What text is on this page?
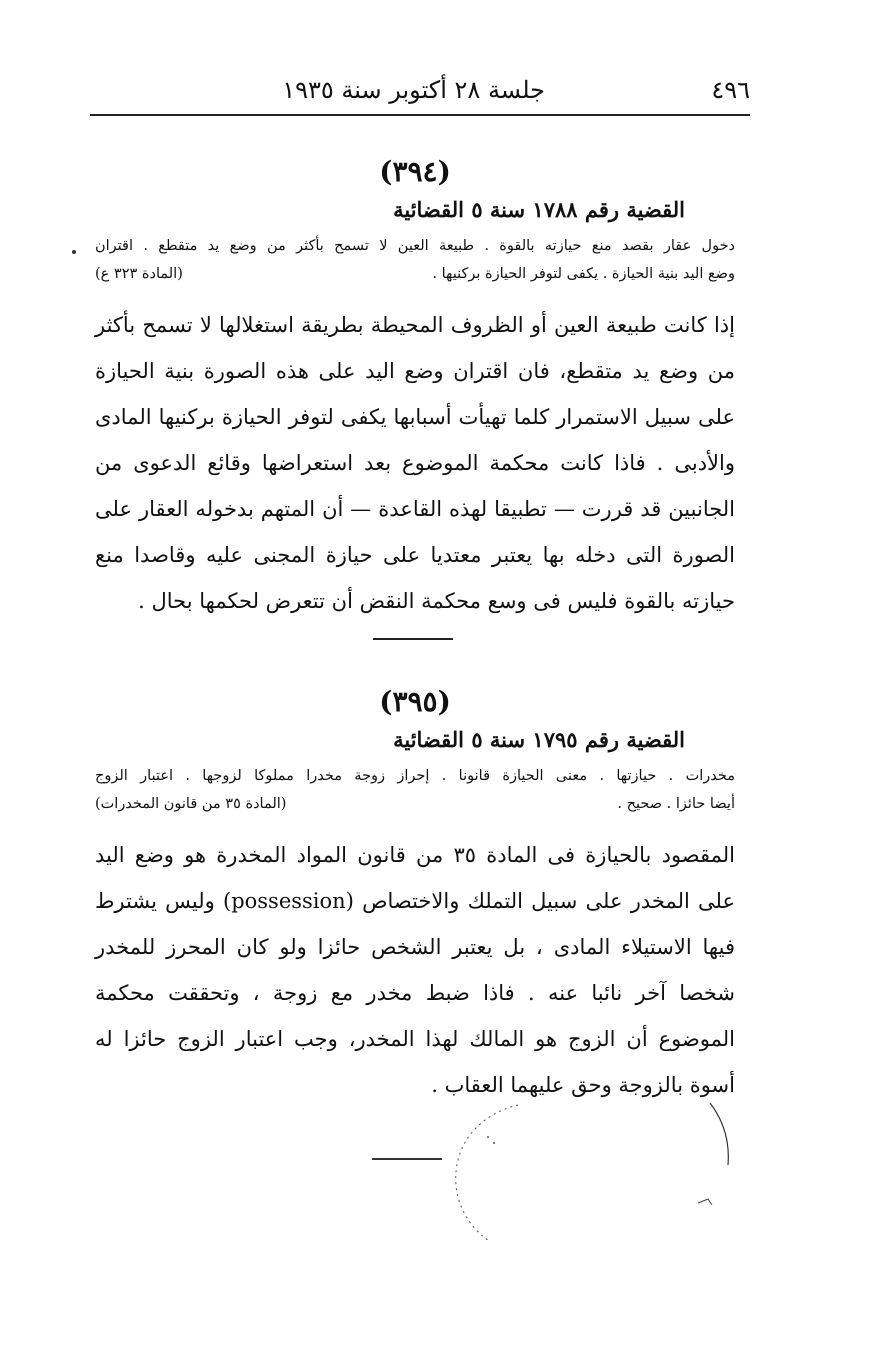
جلسة ٢٨ أكتوبر سنة ١٩٣٥	٤٩٦
(٣٩٤)
القضية رقم ١٧٨٨ سنة ٥ القضائية
دخول عقار بقصد منع حيازته بالقوة . طبيعة العين لا تسمح بأكثر من وضع يد متقطع . اقتران
وضع اليد بنية الحيازة . يكفى لتوفر الحيازة بركنيها .
(المادة ٣٢٣ ع)
إذا كانت طبيعة العين أو الظروف المحيطة بطريقة استغلالها لا تسمح بأكثر من وضع يد متقطع، فان اقتران وضع اليد على هذه الصورة بنية الحيازة على سبيل الاستمرار كلما تهيأت أسبابها يكفى لتوفر الحيازة بركنيها المادى والأدبى . فاذا كانت محكمة الموضوع بعد استعراضها وقائع الدعوى من الجانبين قد قررت — تطبيقا لهذه القاعدة — أن المتهم بدخوله العقار على الصورة التى دخله بها يعتبر معتديا على حيازة المجنى عليه وقاصدا منع حيازته بالقوة فليس فى وسع محكمة النقض أن تتعرض لحكمها بحال .
(٣٩٥)
القضية رقم ١٧٩٥ سنة ٥ القضائية
مخدرات . حيازتها . معنى الحيازة قانونا . إحراز زوجة مخدرا مملوكا لزوجها . اعتبار الزوج
أيضا حائزا . صحيح .
(المادة ٣٥ من قانون المخدرات)
المقصود بالحيازة فى المادة ٣٥ من قانون المواد المخدرة هو وضع اليد على المخدر على سبيل التملك والاختصاص (possession) وليس يشترط فيها الاستيلاء المادى ، بل يعتبر الشخص حائزا ولو كان المحرز للمخدر شخصا آخر نائبا عنه . فاذا ضبط مخدر مع زوجة ، وتحققت محكمة الموضوع أن الزوج هو المالك لهذا المخدر، وجب اعتبار الزوج حائزا له أسوة بالزوجة وحق عليهما العقاب .
